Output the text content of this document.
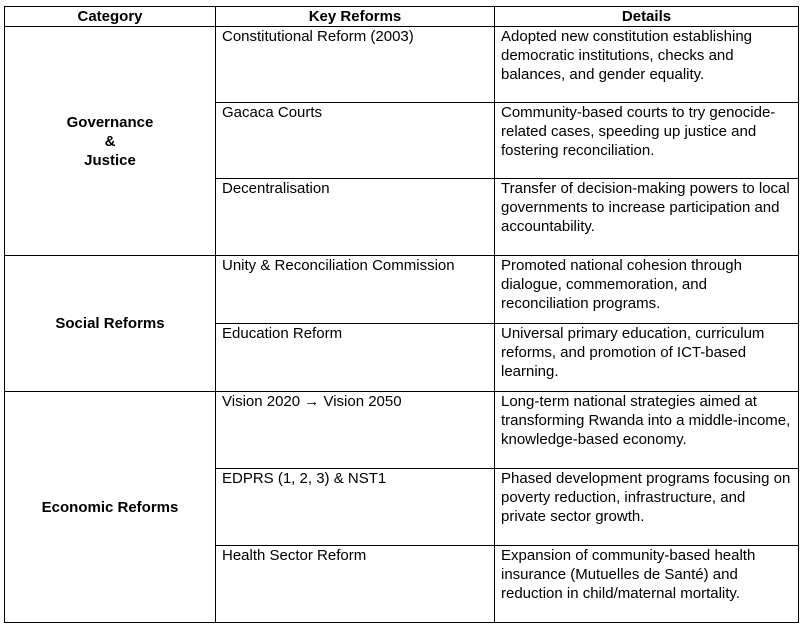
Category	Key Reforms	Details

Governance
&
Justice	Constitutional Reform (2003)	Adopted new constitution establishing democratic institutions, checks and balances, and gender equality.
	Gacaca Courts	Community-based courts to try genocide-related cases, speeding up justice and fostering reconciliation.
	Decentralisation	Transfer of decision-making powers to local governments to increase participation and accountability.

Social Reforms	Unity & Reconciliation Commission	Promoted national cohesion through dialogue, commemoration, and reconciliation programs.
	Education Reform	Universal primary education, curriculum reforms, and promotion of ICT-based learning.

Economic Reforms	Vision 2020 → Vision 2050	Long-term national strategies aimed at transforming Rwanda into a middle-income, knowledge-based economy.
	EDPRS (1, 2, 3) & NST1	Phased development programs focusing on poverty reduction, infrastructure, and private sector growth.
	Health Sector Reform	Expansion of community-based health insurance (Mutuelles de Santé) and reduction in child/maternal mortality.
